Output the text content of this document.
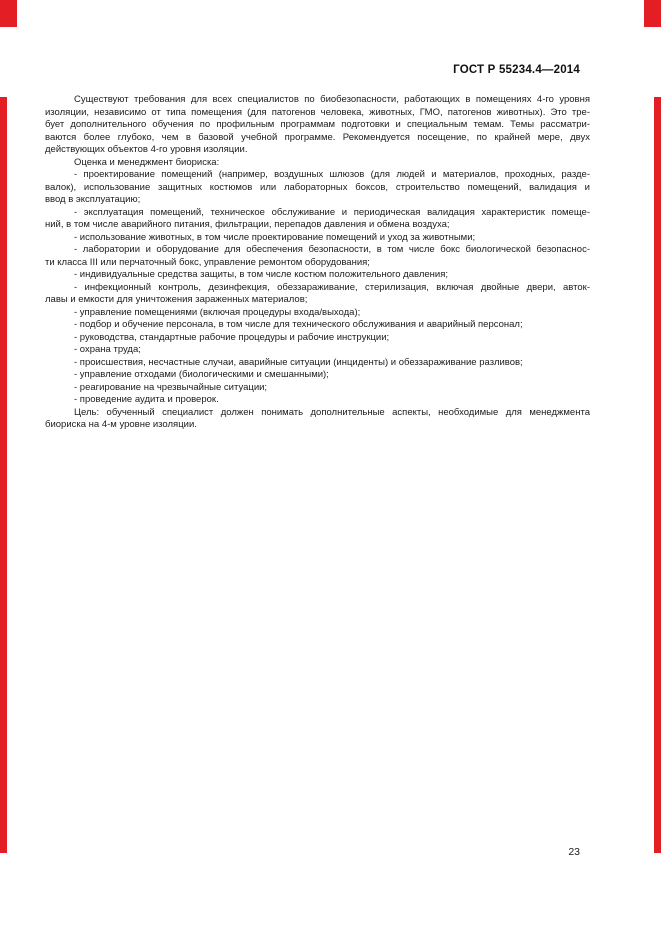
ГОСТ Р 55234.4—2014
Существуют требования для всех специалистов по биобезопасности, работающих в помещениях 4-го уровня
изоляции, независимо от типа помещения (для патогенов человека, животных, ГМО, патогенов животных). Это тре-
бует дополнительного обучения по профильным программам подготовки и специальным темам. Темы рассматри-
ваются более глубоко, чем в базовой учебной программе. Рекомендуется посещение, по крайней мере, двух
действующих объектов 4-го уровня изоляции.
Оценка и менеджмент биориска:
- проектирование помещений (например, воздушных шлюзов (для людей и материалов, проходных, разде-
валок), использование защитных костюмов или лабораторных боксов, строительство помещений, валидация и
ввод в эксплуатацию;
- эксплуатация помещений, техническое обслуживание и периодическая валидация характеристик помеще-
ний, в том числе аварийного питания, фильтрации, перепадов давления и обмена воздуха;
- использование животных, в том числе проектирование помещений и уход за животными;
- лаборатории и оборудование для обеспечения безопасности, в том числе бокс биологической безопаснос-
ти класса III или перчаточный бокс, управление ремонтом оборудования;
- индивидуальные средства защиты, в том числе костюм положительного давления;
- инфекционный контроль, дезинфекция, обеззараживание, стерилизация, включая двойные двери, авток-
лавы и емкости для уничтожения зараженных материалов;
- управление помещениями (включая процедуры входа/выхода);
- подбор и обучение персонала, в том числе для технического обслуживания и аварийный персонал;
- руководства, стандартные рабочие процедуры и рабочие инструкции;
- охрана труда;
- происшествия, несчастные случаи, аварийные ситуации (инциденты) и обеззараживание разливов;
- управление отходами (биологическими и смешанными);
- реагирование на чрезвычайные ситуации;
- проведение аудита и проверок.
Цель: обученный специалист должен понимать дополнительные аспекты, необходимые для менеджмента
биориска на 4-м уровне изоляции.
23
